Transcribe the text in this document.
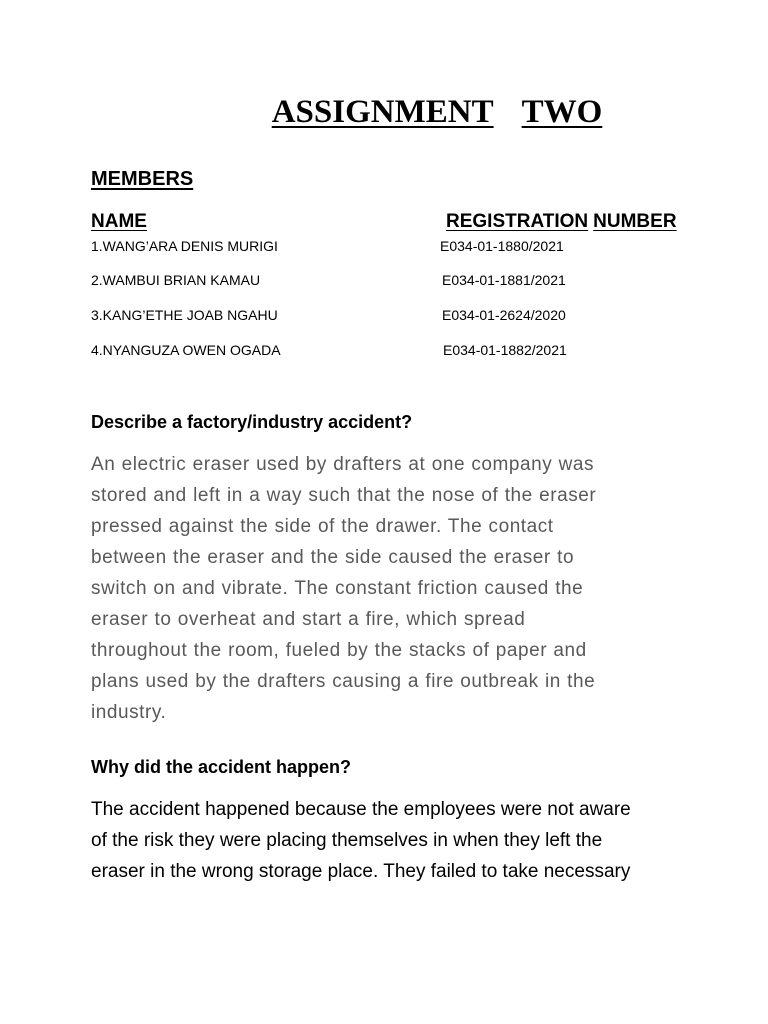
ASSIGNMENT TWO
MEMBERS
NAME	REGISTRATION NUMBER
1.WANG’ARA DENIS MURIGI	E034-01-1880/2021
2.WAMBUI BRIAN KAMAU	E034-01-1881/2021
3.KANG’ETHE JOAB NGAHU	E034-01-2624/2020
4.NYANGUZA OWEN OGADA	E034-01-1882/2021
Describe a factory/industry accident?
An electric eraser used by drafters at one company was
stored and left in a way such that the nose of the eraser
pressed against the side of the drawer. The contact
between the eraser and the side caused the eraser to
switch on and vibrate. The constant friction caused the
eraser to overheat and start a fire, which spread
throughout the room, fueled by the stacks of paper and
plans used by the drafters causing a fire outbreak in the
industry.
Why did the accident happen?
The accident happened because the employees were not aware
of the risk they were placing themselves in when they left the
eraser in the wrong storage place. They failed to take necessary
